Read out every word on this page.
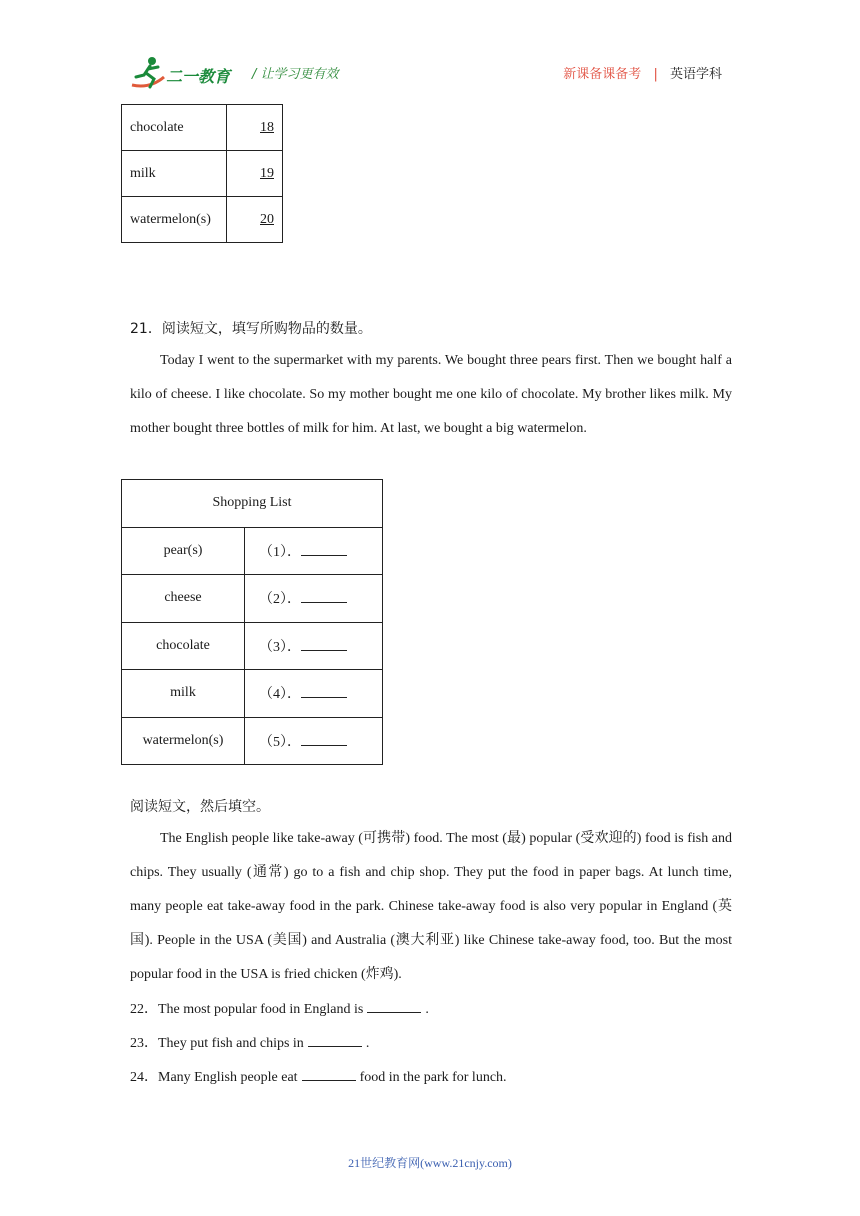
二一教育 / 让学习更有效	新课备课备考 | 英语学科
chocolate	18
milk	19
watermelon(s)	20
21．阅读短文，填写所购物品的数量。
Today I went to the supermarket with my parents. We bought three pears first. Then we bought half a kilo of cheese. I like chocolate. So my mother bought me one kilo of chocolate. My brother likes milk. My mother bought three bottles of milk for him. At last, we bought a big watermelon.
Shopping List	
pear(s)	（1）．
cheese	（2）．
chocolate	（3）．
milk	（4）．
watermelon(s)	（5）．
阅读短文，然后填空。
The English people like take-away (可携带) food. The most (最) popular (受欢迎的) food is fish and chips. They usually (通常) go to a fish and chip shop. They put the food in paper bags. At lunch time, many people eat take-away food in the park. Chinese take-away food is also very popular in England (英国). People in the USA (美国) and Australia (澳大利亚) like Chinese take-away food, too. But the most popular food in the USA is fried chicken (炸鸡).
22．The most popular food in England is	.
23．They put fish and chips in	.
24．Many English people eat	food in the park for lunch.
21世纪教育网(www.21cnjy.com)
